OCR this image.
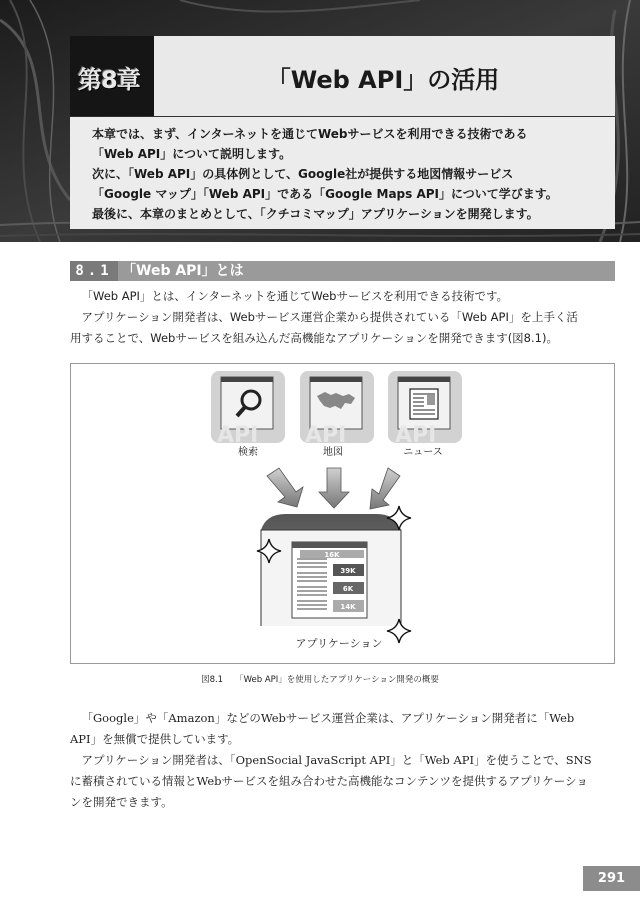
第8章	「Web API」の活用

本章では、まず、インターネットを通じてWebサービスを利用できる技術である

「Web API」について説明します。

次に、「Web API」の具体例として、Google社が提供する地図情報サービス

「Google マップ」「Web API」である「Google Maps API」について学びます。

最後に、本章のまとめとして、「クチコミマップ」アプリケーションを開発します。

8.1 「Web API」とは

「Web API」とは、インターネットを通じてWebサービスを利用できる技術です。

アプリケーション開発者は、Webサービス運営企業から提供されている「Web API」を上手く活

用することで、Webサービスを組み込んだ高機能なアプリケーションを開発できます(図8.1)。

API
検索
API
地図
API
ニュース
16K
39K
6K
14K
アプリケーション
図8.1 「Web API」を使用したアプリケーション開発の概要

「Google」や「Amazon」などのWebサービス運営企業は、アプリケーション開発者に「Web

API」を無償で提供しています。

アプリケーション開発者は、「OpenSocial JavaScript API」と「Web API」を使うことで、SNS

に蓄積されている情報とWebサービスを組み合わせた高機能なコンテンツを提供するアプリケーショ

ンを開発できます。

291
